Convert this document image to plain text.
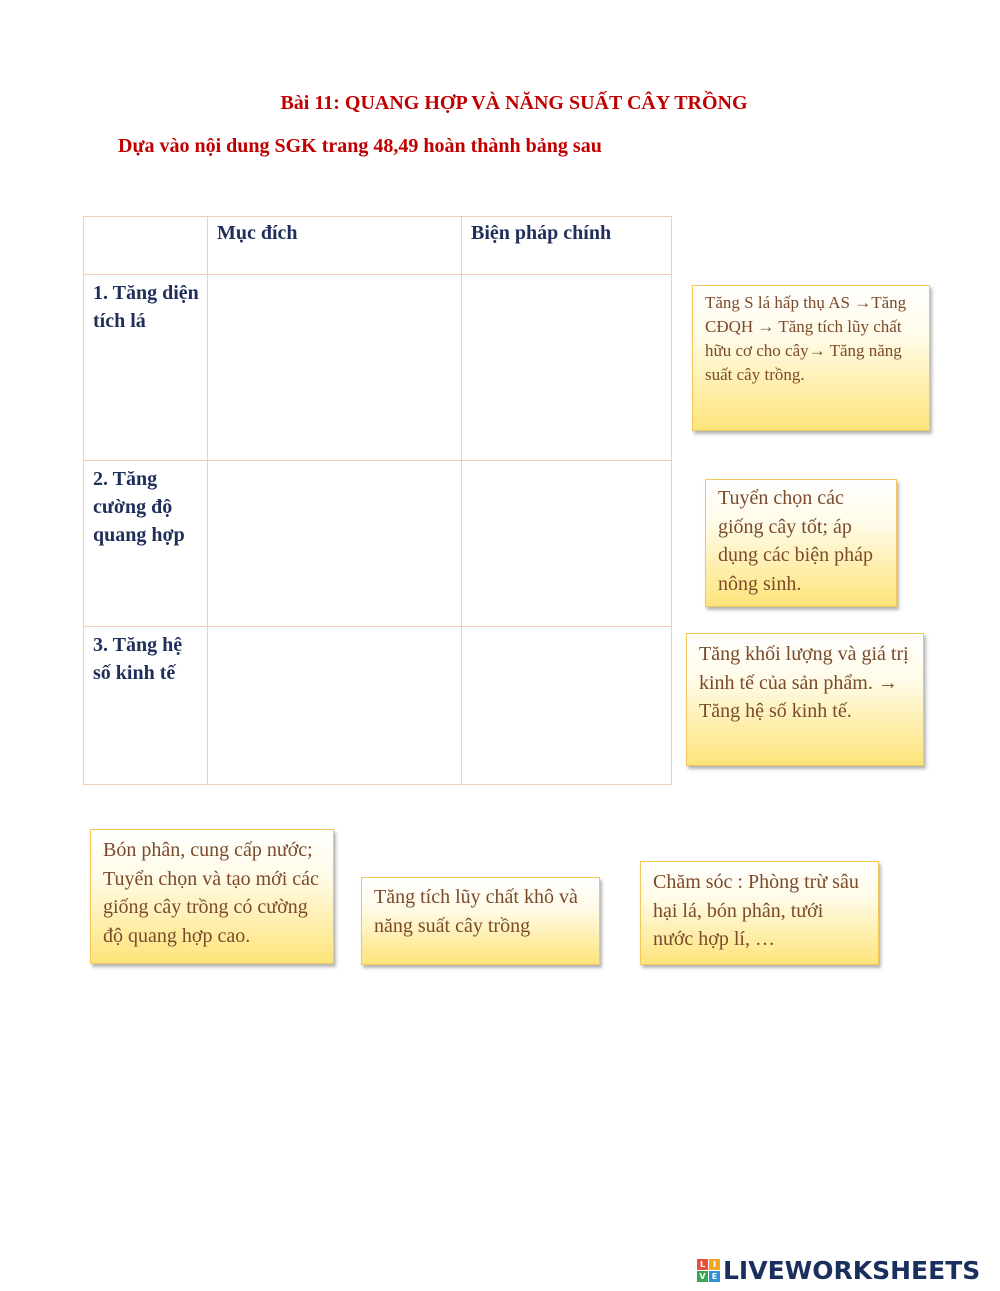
Bài 11: QUANG HỢP VÀ NĂNG SUẤT CÂY TRỒNG
Dựa vào nội dung SGK trang 48,49 hoàn thành bảng sau

	Mục đích	Biện pháp chính

1. Tăng diện tích lá		

2. Tăng cường độ quang hợp		

3. Tăng hệ số kinh tế		

Tăng S lá hấp thụ AS →Tăng CĐQH → Tăng tích lũy chất hữu cơ cho cây→ Tăng năng suất cây trồng.
Tuyển chọn các giống cây tốt; áp dụng các biện pháp nông sinh.
Tăng khối lượng và giá trị kinh tế của sản phẩm. → Tăng hệ số kinh tế.
Bón phân, cung cấp nước; Tuyển chọn và tạo mới các giống cây trồng có cường độ quang hợp cao.
Tăng tích lũy chất khô và năng suất cây trồng
Chăm sóc : Phòng trừ sâu hại lá, bón phân, tưới nước hợp lí, …
L I
V E LIVEWORKSHEETS
